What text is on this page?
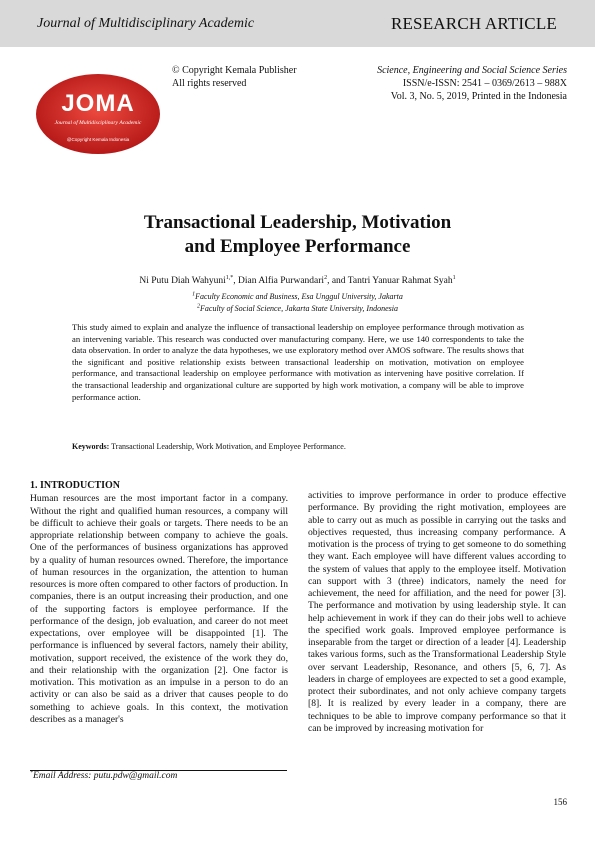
Journal of Multidisciplinary Academic	RESEARCH ARTICLE
JOMA
Journal of Multidisciplinary Academic
@Copyright Kemala Indonesia
© Copyright Kemala Publisher
All rights reserved
Science, Engineering and Social Science Series
ISSN/e-ISSN: 2541 – 0369/2613 – 988X
Vol. 3, No. 5, 2019, Printed in the Indonesia
Transactional Leadership, Motivation
and Employee Performance
Ni Putu Diah Wahyuni$^{1,*}$, Dian Alfia Purwandari$^2$, and Tantri Yanuar Rahmat Syah$^1$
$^1$Faculty Economic and Business, Esa Unggul University, Jakarta
$^2$Faculty of Social Science, Jakarta State University, Indonesia
This study aimed to explain and analyze the influence of transactional leadership on employee performance through motivation as an intervening variable. This research was conducted over manufacturing company. Here, we use 140 correspondents to take the data observation. In order to analyze the data hypotheses, we use exploratory method over AMOS software. The results shows that the significant and positive relationship exists between transactional leadership on motivation, motivation on employee performance, and transactional leadership on employee performance with motivation as intervening have positive correlation. If the transactional leadership and organizational culture are supported by high work motivation, a company will be able to improve performance action.
Keywords: Transactional Leadership, Work Motivation, and Employee Performance.
1. INTRODUCTION
Human resources are the most important factor in a company. Without the right and qualified human resources, a company will be difficult to achieve their goals or targets. There needs to be an appropriate relationship between company to achieve the goals. One of the performances of business organizations has approved by a quality of human resources owned. Therefore, the importance of human resources in the organization, the attention to human resources is more often compared to other factors of production. In companies, there is an output increasing their production, and one of the supporting factors is employee performance. If the performance of the design, job evaluation, and career do not meet expectations, over employee will be disappointed [1]. The performance is influenced by several factors, namely their ability, motivation, support received, the existence of the work they do, and their relationship with the organization [2]. One factor is motivation. This motivation as an impulse in a person to do an activity or can also be said as a driver that causes people to do something to achieve goals. In this context, the motivation describes as a manager's
activities to improve performance in order to produce effective performance. By providing the right motivation, employees are able to carry out as much as possible in carrying out the tasks and objectives requested, thus increasing company performance. A motivation is the process of trying to get someone to do something they want. Each employee will have different values according to the system of values that apply to the employee itself. Motivation can support with 3 (three) indicators, namely the need for achievement, the need for affiliation, and the need for power [3]. The performance and motivation by using leadership style. It can help achievement in work if they can do their jobs well to achieve the specified work goals. Improved employee performance is inseparable from the target or direction of a leader [4]. Leadership takes various forms, such as the Transformational Leadership Style over servant Leadership, Resonance, and others [5, 6, 7]. As leaders in charge of employees are expected to set a good example, protect their subordinates, and not only achieve company targets [8]. It is realized by every leader in a company, there are techniques to be able to improve company performance so that it can be improved by increasing motivation for
*Email Address: putu.pdw@gmail.com
156
